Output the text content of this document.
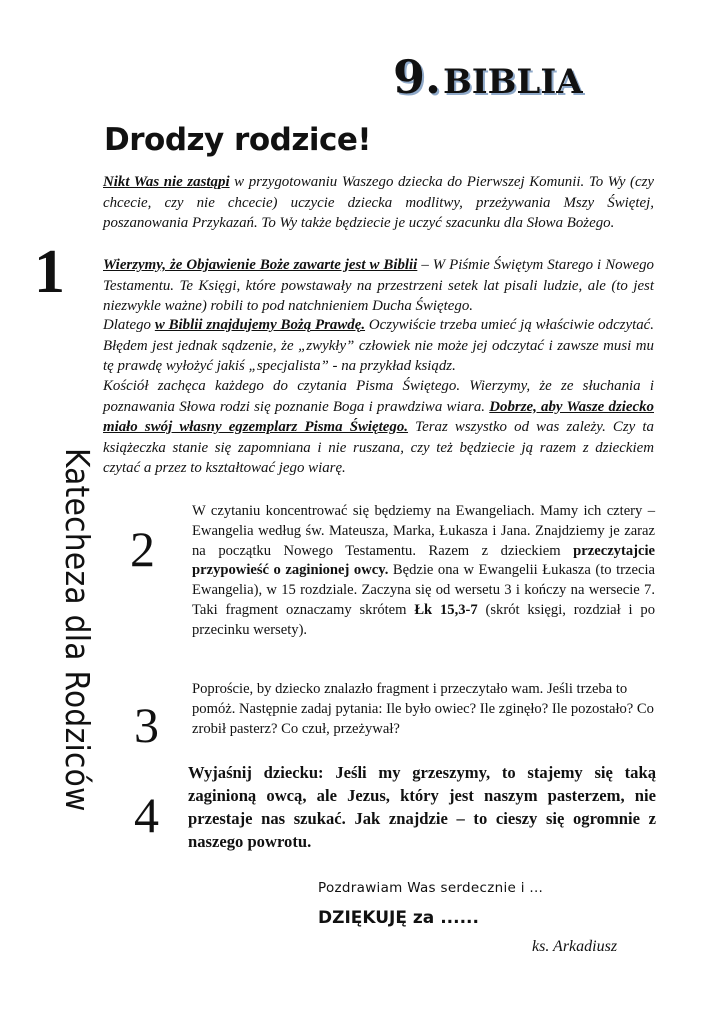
9.BIBLIA
Drodzy rodzice!
1
2
3
4
Katecheza dla Rodziców

Nikt Was nie zastąpi w przygotowaniu Waszego dziecka do Pierwszej Komunii. To Wy (czy chcecie, czy nie chcecie) uczycie dziecka modlitwy, przeżywania Mszy Świętej, poszanowania Przykazań. To Wy także będziecie je uczyć szacunku dla Słowa Bożego.

Wierzymy, że Objawienie Boże zawarte jest w Biblii – W Piśmie Świętym Starego i Nowego Testamentu. Te Księgi, które powstawały na przestrzeni setek lat pisali ludzie, ale (to jest niezwykle ważne) robili to pod natchnieniem Ducha Świętego.

Dlatego w Biblii znajdujemy Bożą Prawdę. Oczywiście trzeba umieć ją właściwie odczytać. Błędem jest jednak sądzenie, że „zwykły” człowiek nie może jej odczytać i zawsze musi mu tę prawdę wyłożyć jakiś „specjalista” - na przykład ksiądz.

Kościół zachęca każdego do czytania Pisma Świętego. Wierzymy, że ze słuchania i poznawania Słowa rodzi się poznanie Boga i prawdziwa wiara. Dobrze, aby Wasze dziecko miało swój własny egzemplarz Pisma Świętego. Teraz wszystko od was zależy. Czy ta książeczka stanie się zapomniana i nie ruszana, czy też będziecie ją razem z dzieckiem czytać a przez to kształtować jego wiarę.

W czytaniu koncentrować się będziemy na Ewangeliach. Mamy ich cztery – Ewangelia według św. Mateusza, Marka, Łukasza i Jana. Znajdziemy je zaraz na początku Nowego Testamentu. Razem z dzieckiem przeczytajcie przypowieść o zaginionej owcy. Będzie ona w Ewangelii Łukasza (to trzecia Ewangelia), w 15 rozdziale. Zaczyna się od wersetu 3 i kończy na wersecie 7. Taki fragment oznaczamy skrótem Łk 15,3-7 (skrót księgi, rozdział i po przecinku wersety).

Poproście, by dziecko znalazło fragment i przeczytało wam. Jeśli trzeba to pomóż. Następnie zadaj pytania: Ile było owiec? Ile zginęło? Ile pozostało? Co zrobił pasterz? Co czuł, przeżywał?

Wyjaśnij dziecku: Jeśli my grzeszymy, to stajemy się taką zaginioną owcą, ale Jezus, który jest naszym pasterzem, nie przestaje nas szukać. Jak znajdzie – to cieszy się ogromnie z naszego powrotu.

Pozdrawiam Was serdecznie i ...
DZIĘKUJĘ za ......
ks. Arkadiusz
